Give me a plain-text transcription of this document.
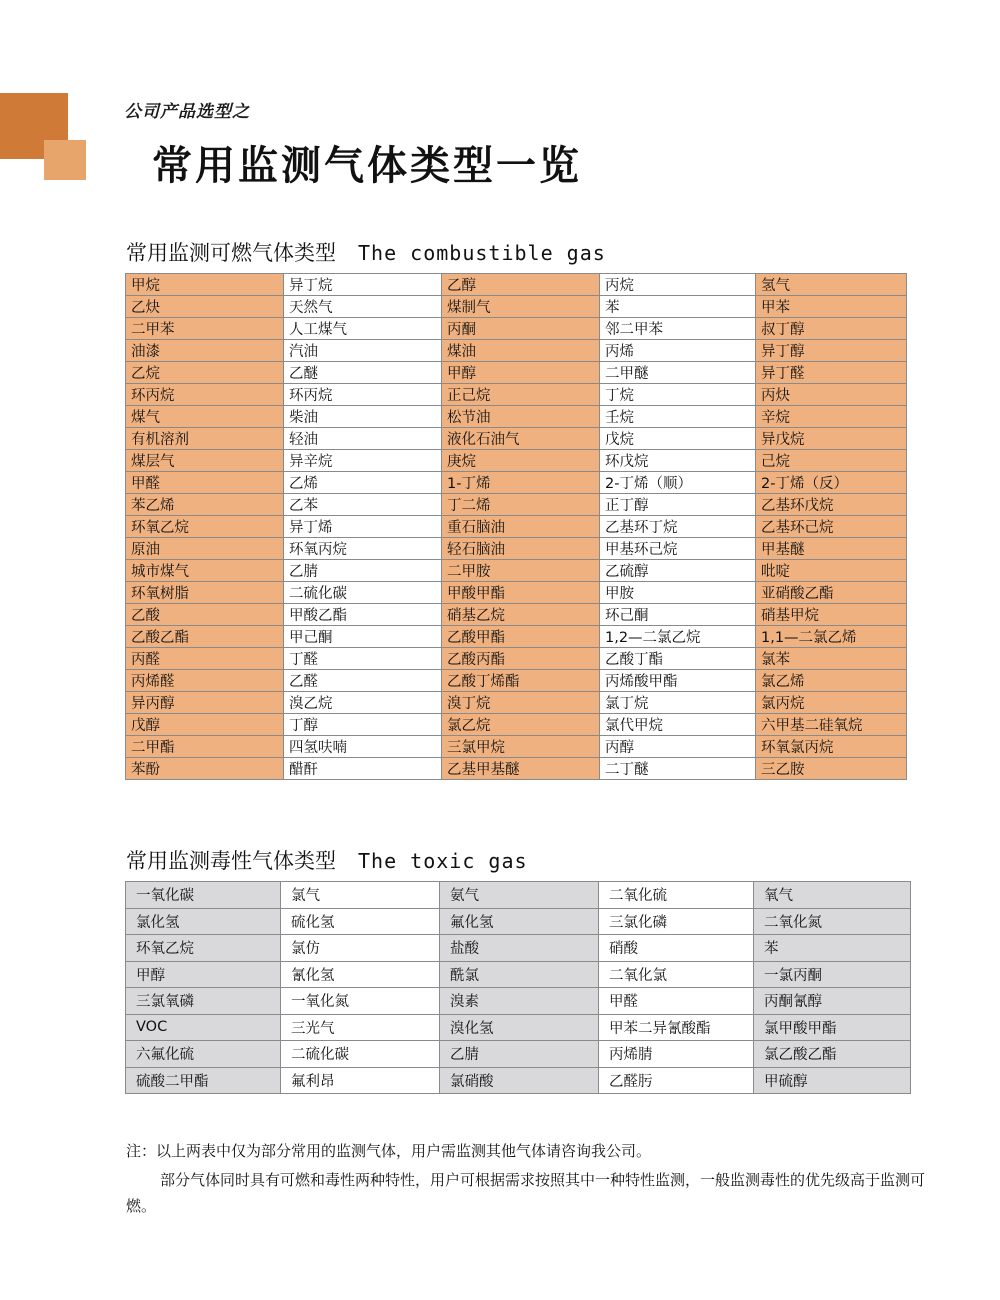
公司产品选型之
常用监测气体类型一览
常用监测可燃气体类型 The combustible gas
甲烷	异丁烷	乙醇	丙烷	氢气
乙炔	天然气	煤制气	苯	甲苯
二甲苯	人工煤气	丙酮	邻二甲苯	叔丁醇
油漆	汽油	煤油	丙烯	异丁醇
乙烷	乙醚	甲醇	二甲醚	异丁醛
环丙烷	环丙烷	正己烷	丁烷	丙炔
煤气	柴油	松节油	壬烷	辛烷
有机溶剂	轻油	液化石油气	戊烷	异戊烷
煤层气	异辛烷	庚烷	环戊烷	己烷
甲醛	乙烯	1-丁烯	2-丁烯（顺）	2-丁烯（反）
苯乙烯	乙苯	丁二烯	正丁醇	乙基环戊烷
环氧乙烷	异丁烯	重石脑油	乙基环丁烷	乙基环己烷
原油	环氧丙烷	轻石脑油	甲基环己烷	甲基醚
城市煤气	乙腈	二甲胺	乙硫醇	吡啶
环氧树脂	二硫化碳	甲酸甲酯	甲胺	亚硝酸乙酯
乙酸	甲酸乙酯	硝基乙烷	环己酮	硝基甲烷
乙酸乙酯	甲己酮	乙酸甲酯	1,2—二氯乙烷	1,1—二氯乙烯
丙醛	丁醛	乙酸丙酯	乙酸丁酯	氯苯
丙烯醛	乙醛	乙酸丁烯酯	丙烯酸甲酯	氯乙烯
异丙醇	溴乙烷	溴丁烷	氯丁烷	氯丙烷
戊醇	丁醇	氯乙烷	氯代甲烷	六甲基二硅氧烷
二甲酯	四氢呋喃	三氯甲烷	丙醇	环氧氯丙烷
苯酚	醋酐	乙基甲基醚	二丁醚	三乙胺
常用监测毒性气体类型 The toxic gas
一氧化碳	氯气	氨气	二氧化硫	氧气
氯化氢	硫化氢	氟化氢	三氯化磷	二氧化氮
环氧乙烷	氯仿	盐酸	硝酸	苯
甲醇	氰化氢	酰氯	二氧化氯	一氯丙酮
三氯氧磷	一氧化氮	溴素	甲醛	丙酮氰醇
VOC	三光气	溴化氢	甲苯二异氰酸酯	氯甲酸甲酯
六氟化硫	二硫化碳	乙腈	丙烯腈	氯乙酸乙酯
硫酸二甲酯	氟利昂	氯硝酸	乙醛肟	甲硫醇
注：以上两表中仅为部分常用的监测气体，用户需监测其他气体请咨询我公司。
部分气体同时具有可燃和毒性两种特性，用户可根据需求按照其中一种特性监测，一般监测毒性的优先级高于监测可燃。
